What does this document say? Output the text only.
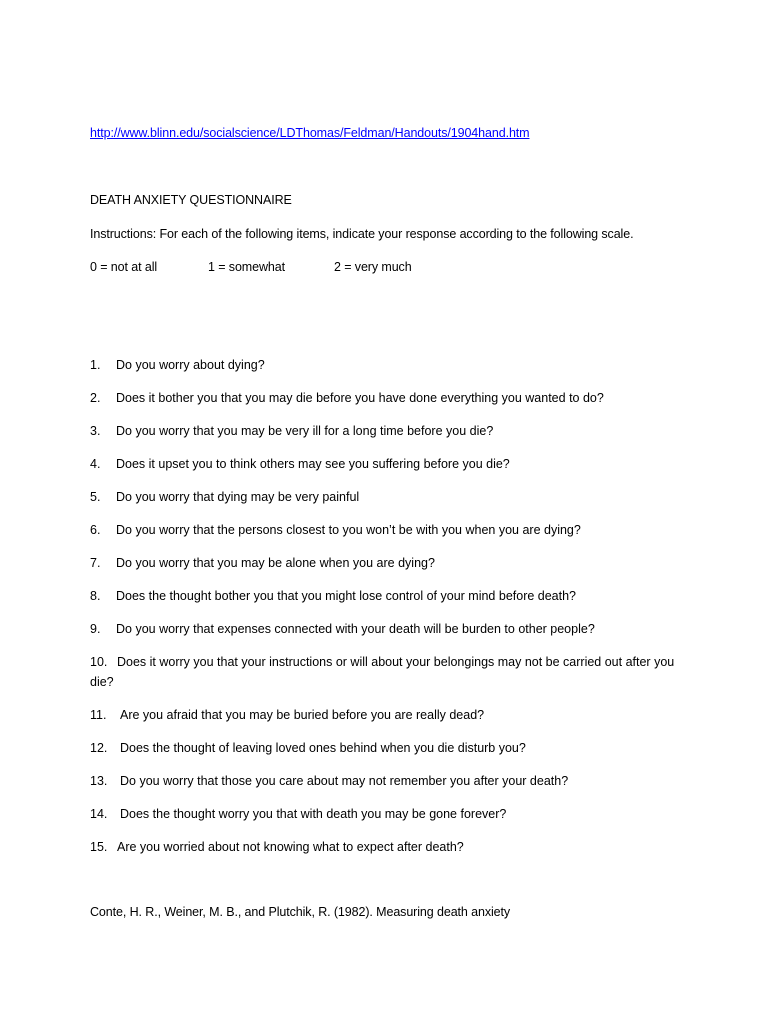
http://www.blinn.edu/socialscience/LDThomas/Feldman/Handouts/1904hand.htm
DEATH ANXIETY QUESTIONNAIRE
Instructions: For each of the following items, indicate your response according to the following scale.
0 = not at all	1 = somewhat	2 = very much
1. Do you worry about dying?
2. Does it bother you that you may die before you have done everything you wanted to do?
3. Do you worry that you may be very ill for a long time before you die?
4. Does it upset you to think others may see you suffering before you die?
5. Do you worry that dying may be very painful
6. Do you worry that the persons closest to you won’t be with you when you are dying?
7. Do you worry that you may be alone when you are dying?
8. Does the thought bother you that you might lose control of your mind before death?
9. Do you worry that expenses connected with your death will be burden to other people?
10. Does it worry you that your instructions or will about your belongings may not be carried out after you die?
11. Are you afraid that you may be buried before you are really dead?
12. Does the thought of leaving loved ones behind when you die disturb you?
13. Do you worry that those you care about may not remember you after your death?
14. Does the thought worry you that with death you may be gone forever?
15. Are you worried about not knowing what to expect after death?
Conte, H. R., Weiner, M. B., and Plutchik, R. (1982). Measuring death anxiety
